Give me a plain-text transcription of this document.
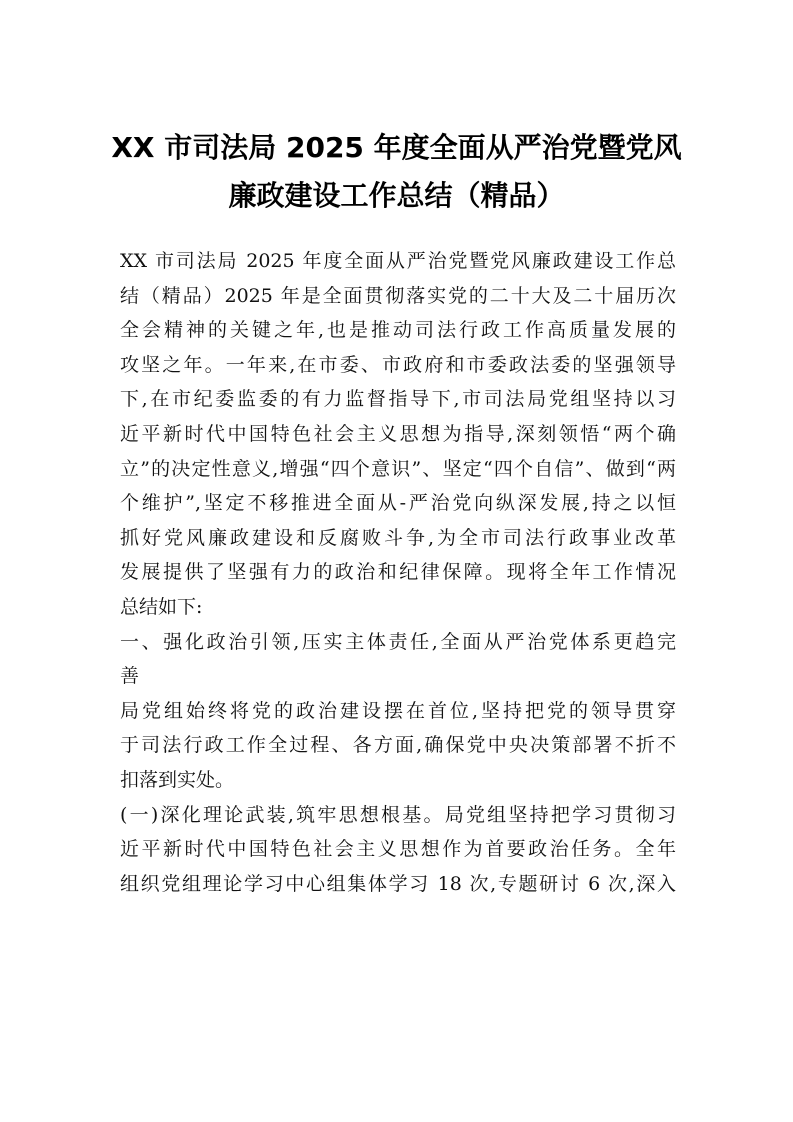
XX 市司法局 2025 年度全面从严治党暨党风
廉政建设工作总结（精品）
XX 市司法局 2025 年度全面从严治党暨党风廉政建设工作总
结（精品）2025 年是全面贯彻落实党的二十大及二十届历次
全会精神的关键之年,也是推动司法行政工作高质量发展的
攻坚之年。一年来,在市委、市政府和市委政法委的坚强领导
下,在市纪委监委的有力监督指导下,市司法局党组坚持以习
近平新时代中国特色社会主义思想为指导,深刻领悟“两个确
立”的决定性意义,增强“四个意识”、坚定“四个自信”、做到“两
个维护”,坚定不移推进全面从-严治党向纵深发展,持之以恒
抓好党风廉政建设和反腐败斗争,为全市司法行政事业改革
发展提供了坚强有力的政治和纪律保障。现将全年工作情况
总结如下:
一、强化政治引领,压实主体责任,全面从严治党体系更趋完
善
局党组始终将党的政治建设摆在首位,坚持把党的领导贯穿
于司法行政工作全过程、各方面,确保党中央决策部署不折不
扣落到实处。
(一)深化理论武装,筑牢思想根基。局党组坚持把学习贯彻习
近平新时代中国特色社会主义思想作为首要政治任务。全年
组织党组理论学习中心组集体学习 18 次,专题研讨 6 次,深入
